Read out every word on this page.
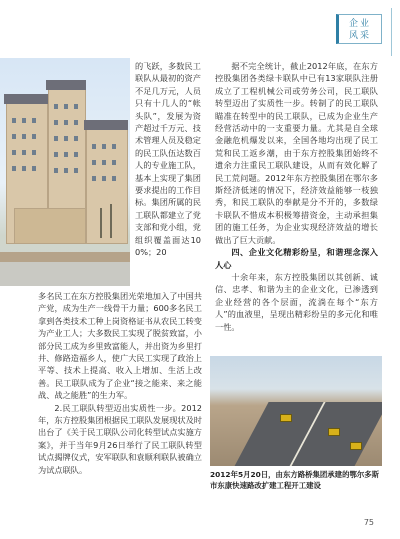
企业
风采

的飞跃，多数民工联队从最初的资产不足几万元，人员只有十几人的“帐头队”，发展为资产超过千万元、技术管理人员及稳定的民工队伍达数百人的专业施工队，基本上实现了集团要求提出的工作目标。集团所属的民工联队都建立了党支部和党小组，党组织覆盖面达100%；20

多名民工在东方控股集团光荣地加入了中国共产党，成为生产一线骨干力量；600多名民工拿到各类技术工种上岗资格证书从农民工转变为产业工人；大多数民工实现了脱贫致富，小部分民工成为乡里致富能人，并出资为乡里打井、修路造福乡人，使广大民工实现了政治上平等、技术上提高、收入上增加、生活上改善。民工联队成为了企业“接之能来、来之能战、战之能胜”的生力军。

2.民工联队转型迈出实质性一步。2012年，东方控股集团根据民工联队发展现状及时出台了《关于民工联队公司化转型试点实施方案》，并于当年9月26日举行了民工联队转型试点揭牌仪式，安军联队和袁顺利联队被确立为试点联队。

据不完全统计，截止2012年底，在东方控股集团各类绿卡联队中已有13家联队注册成立了工程机械公司或劳务公司，民工联队转型迈出了实质性一步。转制了的民工联队瞄准在转型中的民工联队，已成为企业生产经营活动中的一支重要力量。尤其是自全球金融危机爆发以来，全国各地均出现了民工荒和民工返乡潮，由于东方控股集团始终不遗余力注重民工联队建设，从而有效化解了民工荒问题。2012年东方控股集团在鄂尔多斯经济低迷的情况下，经济效益能够一枝独秀，和民工联队的奉献是分不开的，多数绿卡联队不惜成本积极筹措资金，主动承担集团的施工任务，为企业实现经济效益的增长做出了巨大贡献。

四、企业文化精彩纷呈，和谐理念深入人心

十余年来，东方控股集团以其创新、诚信、忠孝、和谐为主的企业文化，已渗透到企业经营的各个层面，流淌在每个“东方人”的血液里，呈现出精彩纷呈的多元化和唯一性。

2012年5月20日，由东方路桥集团承建的鄂尔多斯市东康快速路改扩建工程开工建设
75
